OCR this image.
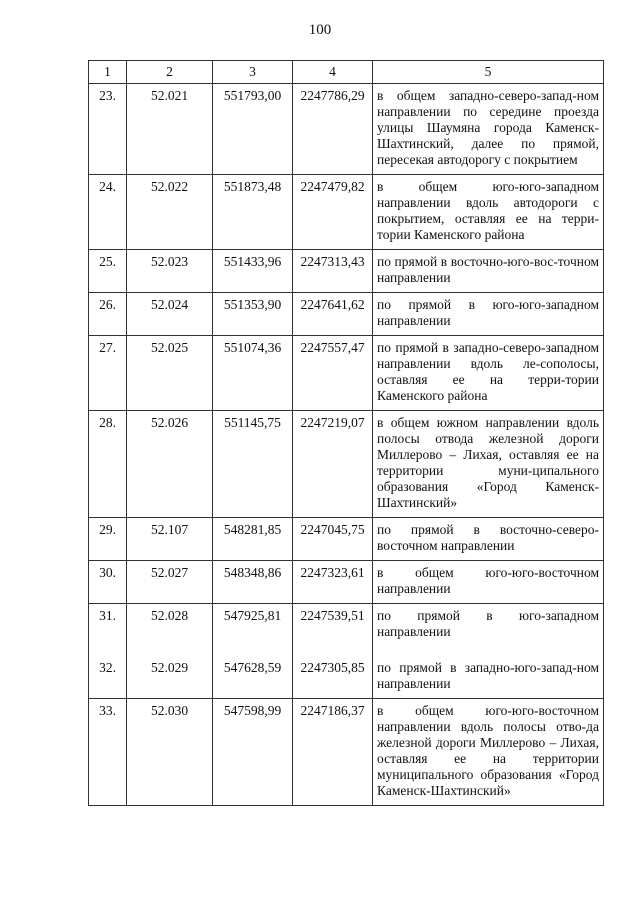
100
1	2	3	4	5
23.	52.021	551793,00	2247786,29	в общем западно-северо-запад-ном направлении по середине проезда улицы Шаумяна города Каменск-Шахтинский, далее по прямой, пересекая автодорогу с покрытием
24.	52.022	551873,48	2247479,82	в общем юго-юго-западном направлении вдоль автодороги с покрытием, оставляя ее на терри-тории Каменского района
25.	52.023	551433,96	2247313,43	по прямой в восточно-юго-вос-точном направлении
26.	52.024	551353,90	2247641,62	по прямой в юго-юго-западном направлении
27.	52.025	551074,36	2247557,47	по прямой в западно-северо-западном направлении вдоль ле-сополосы, оставляя ее на терри-тории Каменского района
28.	52.026	551145,75	2247219,07	в общем южном направлении вдоль полосы отвода железной дороги Миллерово – Лихая, оставляя ее на территории муни-ципального образования «Город Каменск-Шахтинский»
29.	52.107	548281,85	2247045,75	по прямой в восточно-северо-восточном направлении
30.	52.027	548348,86	2247323,61	в общем юго-юго-восточном направлении
31.	52.028	547925,81	2247539,51	по прямой в юго-западном направлении
32.	52.029	547628,59	2247305,85	по прямой в западно-юго-запад-ном направлении
33.	52.030	547598,99	2247186,37	в общем юго-юго-восточном направлении вдоль полосы отво-да железной дороги Миллерово – Лихая, оставляя ее на территории муниципального образования «Город Каменск-Шахтинский»
